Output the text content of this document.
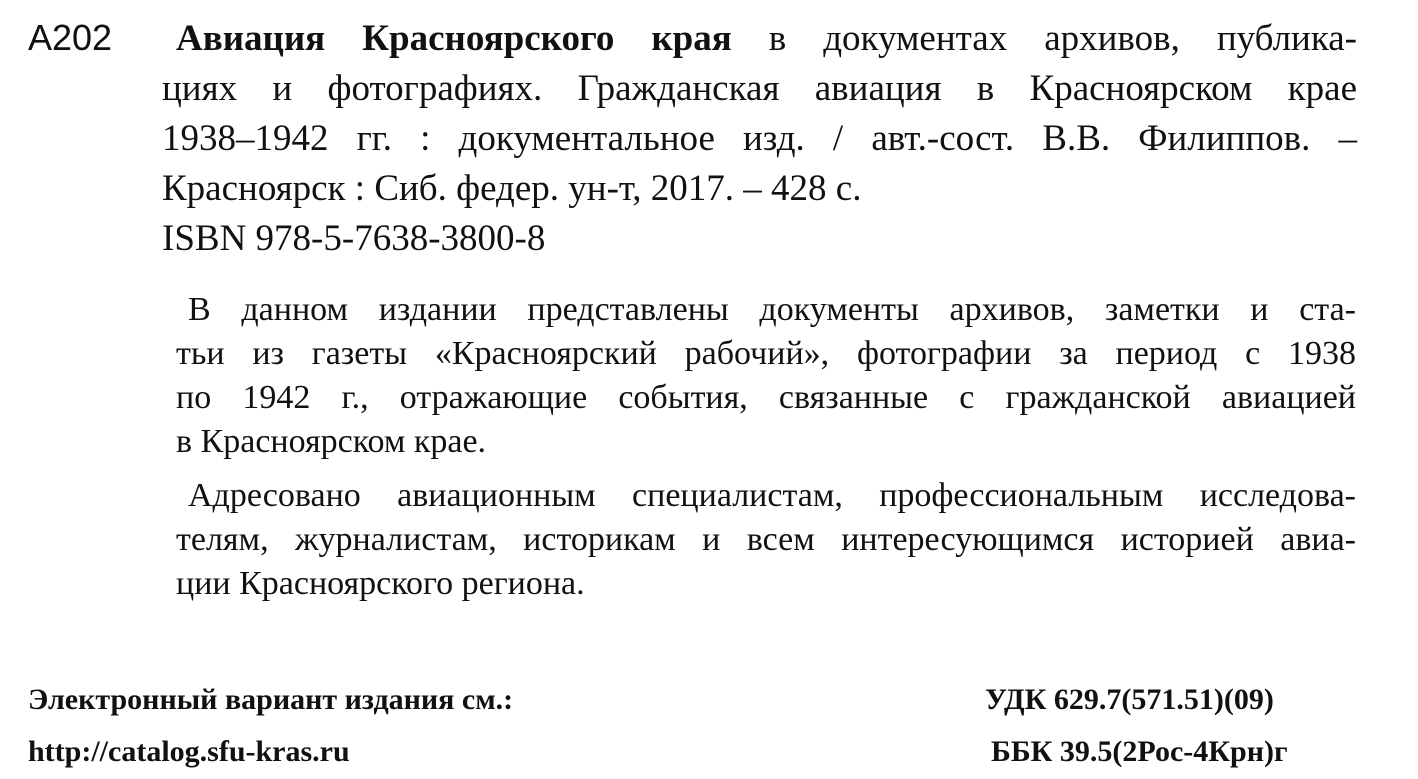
A202	Авиация Красноярского края в документах архивов, публика-
циях и фотографиях. Гражданская авиация в Красноярском крае
1938–1942 гг. : документальное изд. / авт.-сост. В.В. Филиппов. –
Красноярск : Сиб. федер. ун-т, 2017. – 428 с.
ISBN 978-5-7638-3800-8
В данном издании представлены документы архивов, заметки и ста-
тьи из газеты «Красноярский рабочий», фотографии за период с 1938
по 1942 г., отражающие события, связанные с гражданской авиацией
в Красноярском крае.
Адресовано авиационным специалистам, профессиональным исследова-
телям, журналистам, историкам и всем интересующимся историей авиа-
ции Красноярского региона.
Электронный вариант издания см.:
http://catalog.sfu-kras.ru
УДК 629.7(571.51)(09)
ББК 39.5(2Рос-4Крн)г
